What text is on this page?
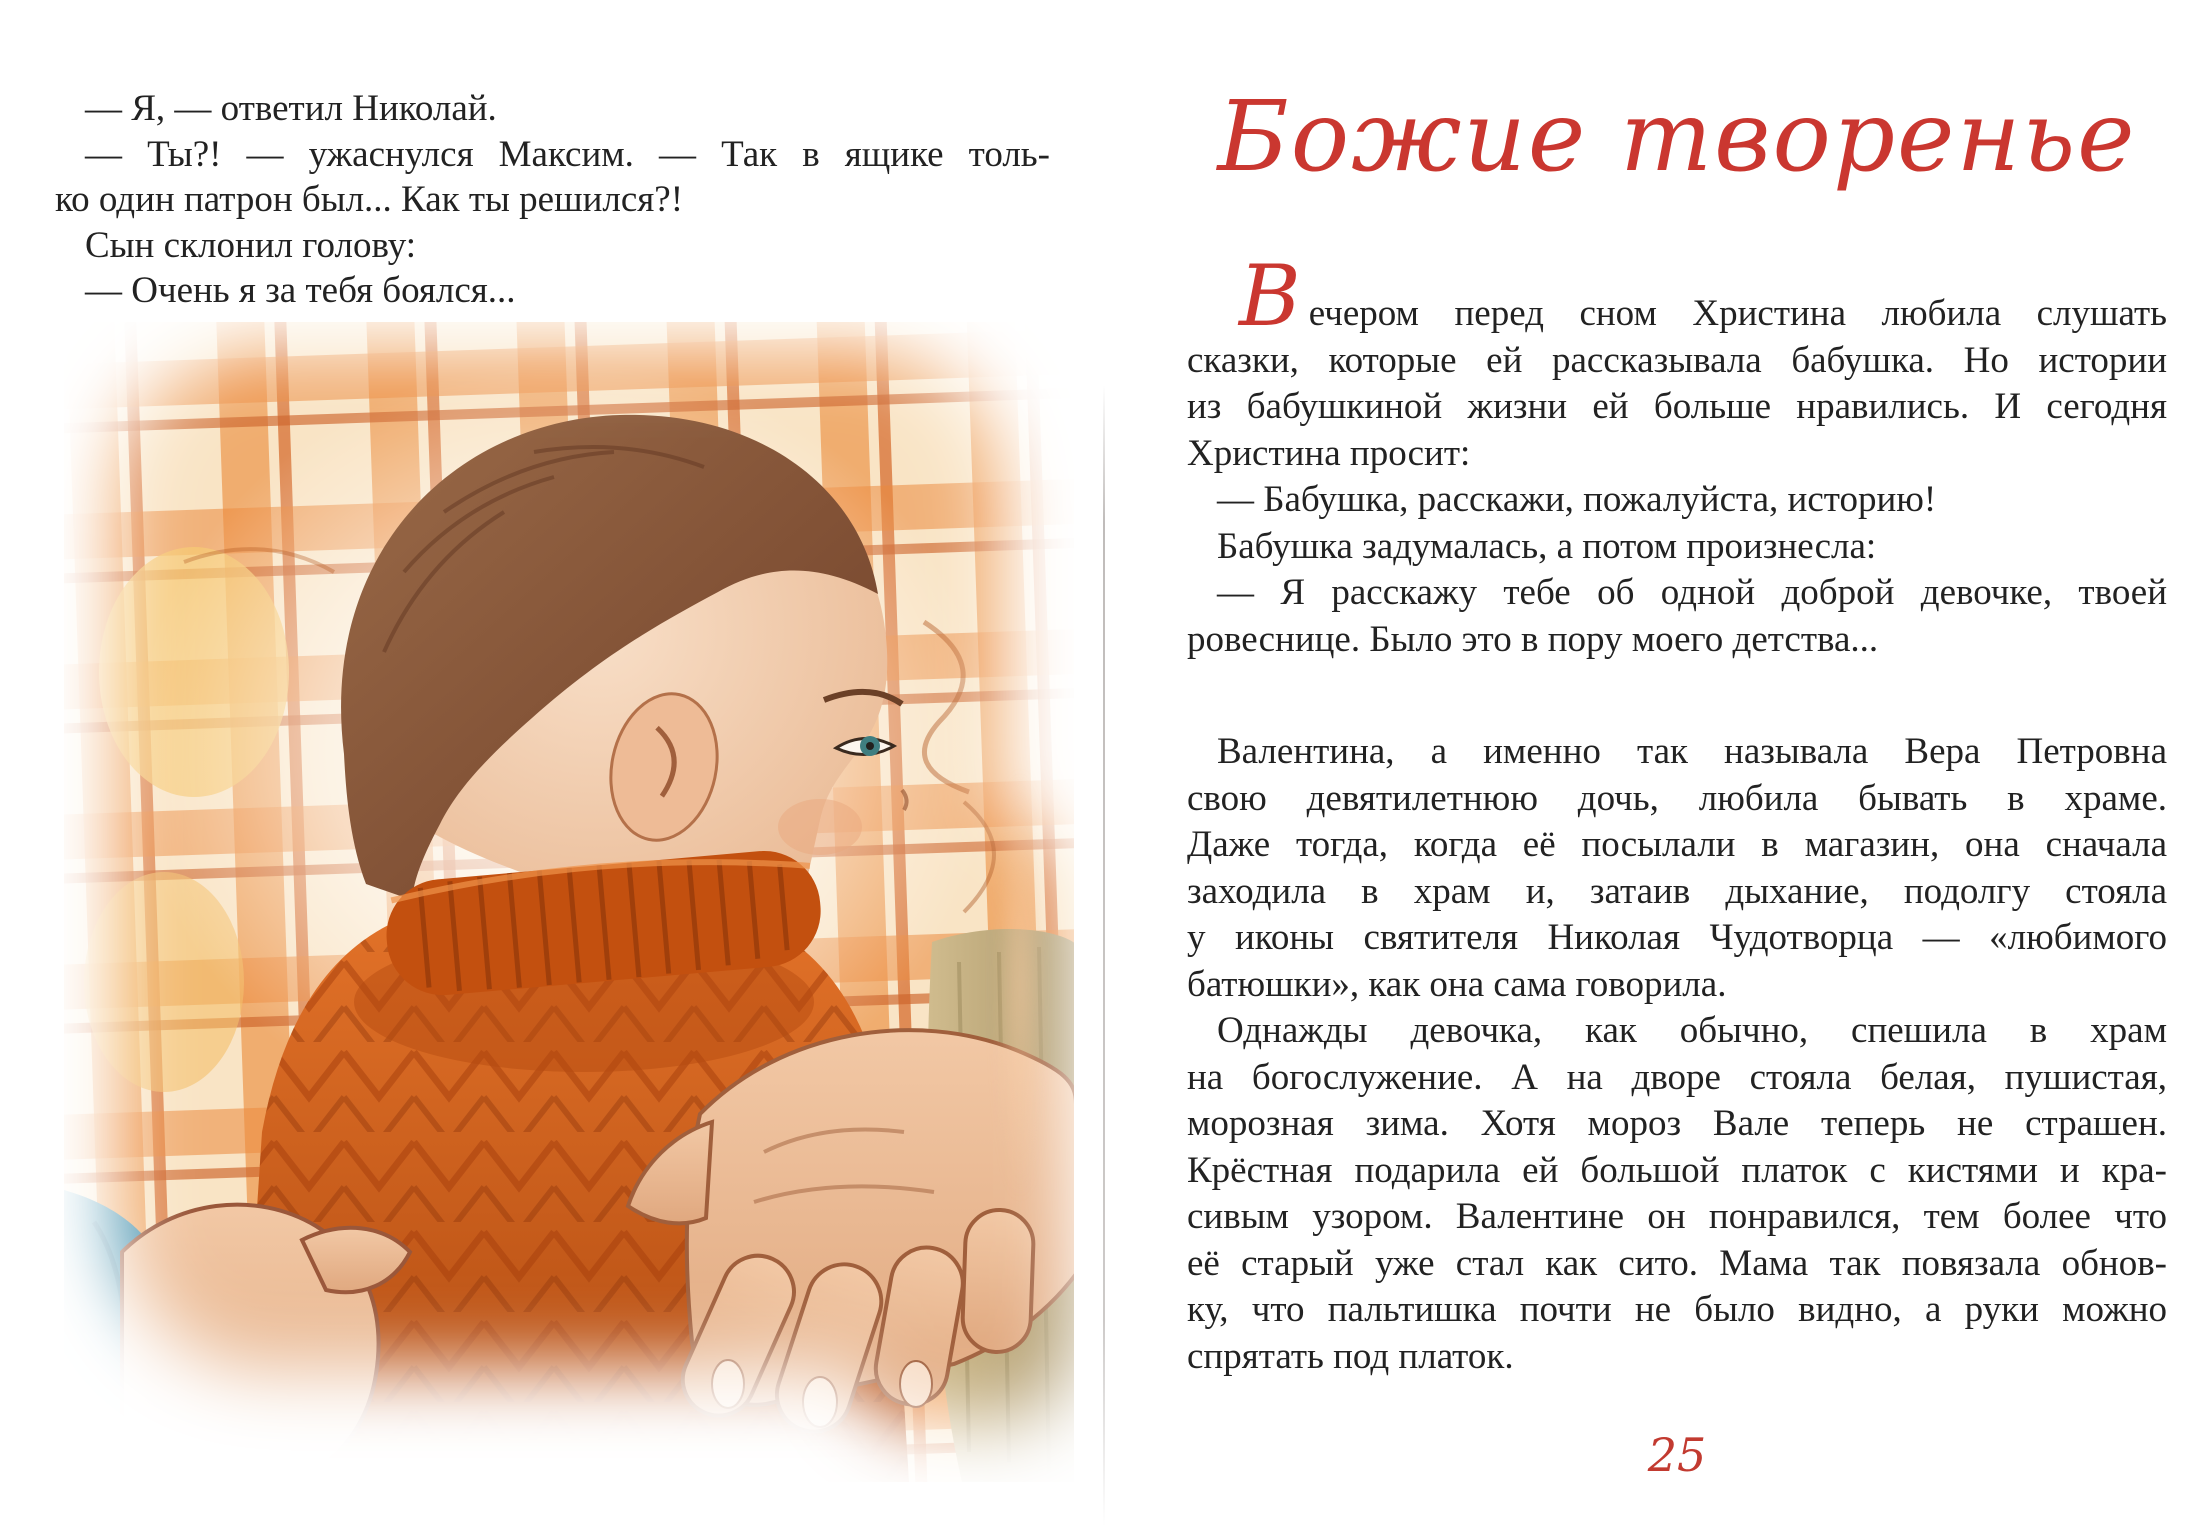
— Я, — ответил Николай.
— Ты?! — ужаснулся Максим. — Так в ящике толь-
ко один патрон был... Как ты решился?!
Сын склонил голову:
— Очень я за тебя боялся...
Божие творенье
Вечером перед сном Христина любила слушать
сказки, которые ей рассказывала бабушка. Но истории
из бабушкиной жизни ей больше нравились. И сегодня
Христина просит:
— Бабушка, расскажи, пожалуйста, историю!
Бабушка задумалась, а потом произнесла:
— Я расскажу тебе об одной доброй девочке, твоей
ровеснице. Было это в пору моего детства...
Валентина, а именно так называла Вера Петровна
свою девятилетнюю дочь, любила бывать в храме.
Даже тогда, когда её посылали в магазин, она сначала
заходила в храм и, затаив дыхание, подолгу стояла
у иконы святителя Николая Чудотворца — «любимого
батюшки», как она сама говорила.
Однажды девочка, как обычно, спешила в храм
на богослужение. А на дворе стояла белая, пушистая,
морозная зима. Хотя мороз Вале теперь не страшен.
Крёстная подарила ей большой платок с кистями и кра-
сивым узором. Валентине он понравился, тем более что
её старый уже стал как сито. Мама так повязала обнов-
ку, что пальтишка почти не было видно, а руки можно
спрятать под платок.
25
